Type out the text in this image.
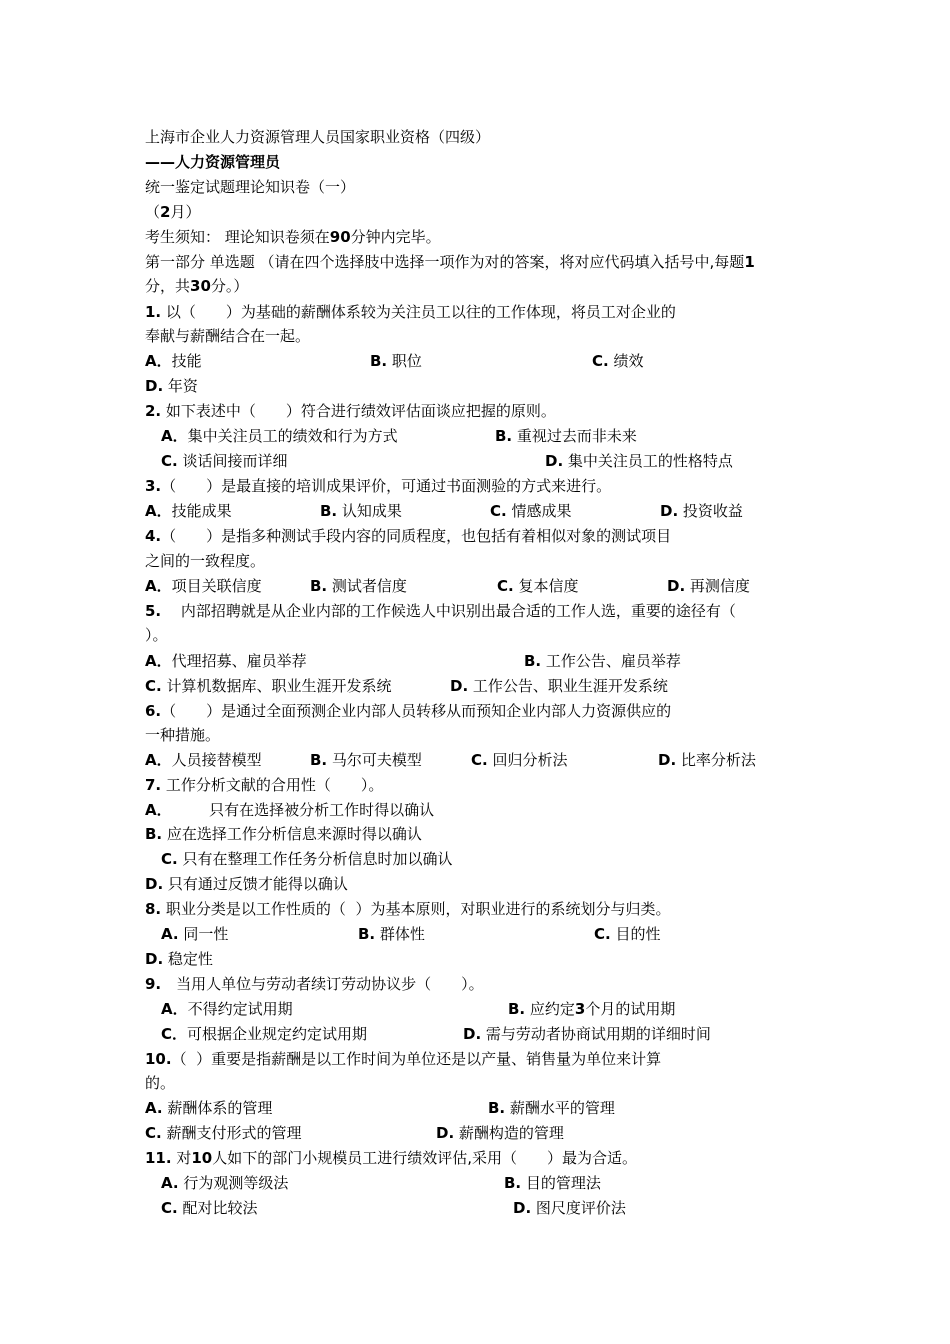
上海市企业人力资源管理人员国家职业资格（四级）

——人力资源管理员

统一鉴定试题理论知识卷（一）

（2月）

考生须知： 理论知识卷须在90分钟内完毕。

第一部分 单选题 （请在四个选择肢中选择一项作为对的答案，将对应代码填入括号中,每题1

分，共30分。）

1. 以（　　）为基础的薪酬体系较为关注员工以往的工作体现，将员工对企业的

奉献与薪酬结合在一起。

A．技能	B. 职位	C. 绩效
D. 年资

2. 如下表述中（　　）符合进行绩效评估面谈应把握的原则。

A．集中关注员工的绩效和行为方式	B. 重视过去而非未来
C. 谈话间接而详细	D. 集中关注员工的性格特点

3.（　　）是最直接的培训成果评价，可通过书面测验的方式来进行。

A．技能成果	B. 认知成果	C. 情感成果	D. 投资收益

4.（　　）是指多种测试手段内容的同质程度，也包括有着相似对象的测试项目

之间的一致程度。

A．项目关联信度	B. 测试者信度	C. 复本信度	D. 再测信度

5.　 内部招聘就是从企业内部的工作候选人中识别出最合适的工作人选，重要的途径有（

）。

A．代理招募、雇员举荐	B. 工作公告、雇员举荐
C. 计算机数据库、职业生涯开发系统	D. 工作公告、职业生涯开发系统

6.（　　）是通过全面预测企业内部人员转移从而预知企业内部人力资源供应的

一种措施。

A．人员接替模型	B. 马尔可夫模型	C. 回归分析法	D. 比率分析法

7. 工作分析文献的合用性（　　）。

A．　　　只有在选择被分析工作时得以确认
B. 应在选择工作分析信息来源时得以确认
C. 只有在整理工作任务分析信息时加以确认
D. 只有通过反馈才能得以确认

8. 职业分类是以工作性质的（  ）为基本原则，对职业进行的系统划分与归类。

A. 同一性	B. 群体性	C. 目的性
D. 稳定性

9.　当用人单位与劳动者续订劳动协议步（　　）。

A．不得约定试用期	B. 应约定3个月的试用期
C．可根据企业规定约定试用期	D. 需与劳动者协商试用期的详细时间

10.（  ）重要是指薪酬是以工作时间为单位还是以产量、销售量为单位来计算

的。

A. 薪酬体系的管理	B. 薪酬水平的管理
C. 薪酬支付形式的管理	D. 薪酬构造的管理

11. 对10人如下的部门小规模员工进行绩效评估,采用（　　）最为合适。

A. 行为观测等级法	B. 目的管理法
C. 配对比较法	D. 图尺度评价法
